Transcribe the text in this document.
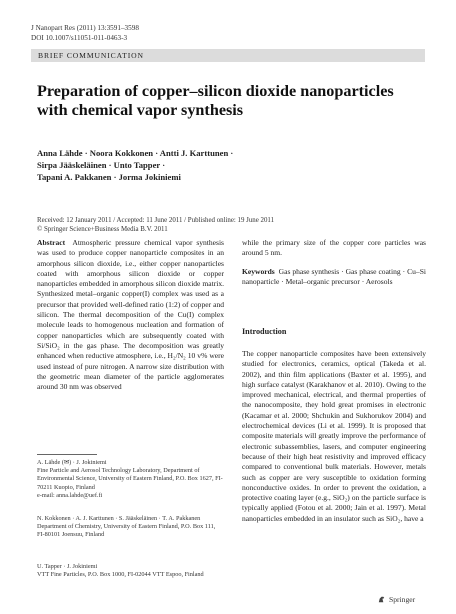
J Nanopart Res (2011) 13:3591–3598
DOI 10.1007/s11051-011-0463-3
BRIEF COMMUNICATION
Preparation of copper–silicon dioxide nanoparticles
with chemical vapor synthesis
Anna Lähde · Noora Kokkonen · Antti J. Karttunen ·
Sirpa Jääskeläinen · Unto Tapper ·
Tapani A. Pakkanen · Jorma Jokiniemi
Received: 12 January 2011 / Accepted: 11 June 2011 / Published online: 19 June 2011
© Springer Science+Business Media B.V. 2011

Abstract Atmospheric pressure chemical vapor synthesis was used to produce copper nanoparticle composites in an amorphous silicon dioxide, i.e., either copper nanoparticles coated with amorphous silicon dioxide or copper nanoparticles embedded in amorphous silicon dioxide matrix. Synthesized metal–organic copper(I) complex was used as a precursor that provided well-defined ratio (1:2) of copper and silicon. The thermal decomposition of the Cu(I) complex molecule leads to homogenous nucleation and formation of copper nanoparticles which are subsequently coated with Si/SiO₂ in the gas phase. The decomposition was greatly enhanced when reductive atmosphere, i.e., H₂/N₂ 10 v% were used instead of pure nitrogen. A narrow size distribution with the geometric mean diameter of the particle agglomerates around 30 nm was observed

A. Lähde (✉) · J. Jokiniemi
Fine Particle and Aerosol Technology Laboratory, Department of Environmental Science, University of Eastern Finland, P.O. Box 1627, FI-70211 Kuopio, Finland
e-mail: anna.lahde@uef.fi
N. Kokkonen · A. J. Karttunen · S. Jääskeläinen · T. A. Pakkanen
Department of Chemistry, University of Eastern Finland, P.O. Box 111, FI-80101 Joensuu, Finland
U. Tapper · J. Jokiniemi
VTT Fine Particles, P.O. Box 1000, FI-02044 VTT Espoo, Finland
while the primary size of the copper core particles was around 5 nm.
Keywords Gas phase synthesis · Gas phase coating · Cu–Si nanoparticle · Metal–organic precursor · Aerosols
Introduction
The copper nanoparticle composites have been extensively studied for electronics, ceramics, optical (Takeda et al. 2002), and thin film applications (Baxter et al. 1995), and high surface catalyst (Karakhanov et al. 2010). Owing to the improved mechanical, electrical, and thermal properties of the nanocomposite, they hold great promises in electronic (Kacamar et al. 2000; Shchukin and Sukhorukov 2004) and electrochemical devices (Li et al. 1999). It is proposed that composite materials will greatly improve the performance of electronic subassemblies, lasers, and computer engineering because of their high heat resistivity and improved efficacy compared to conventional bulk materials. However, metals such as copper are very susceptible to oxidation forming nonconductive oxides. In order to prevent the oxidation, a protective coating layer (e.g., SiO₂) on the particle surface is typically applied (Fotou et al. 2000; Jain et al. 1997). Metal nanoparticles embedded in an insulator such as SiO₂, have a
Springer
